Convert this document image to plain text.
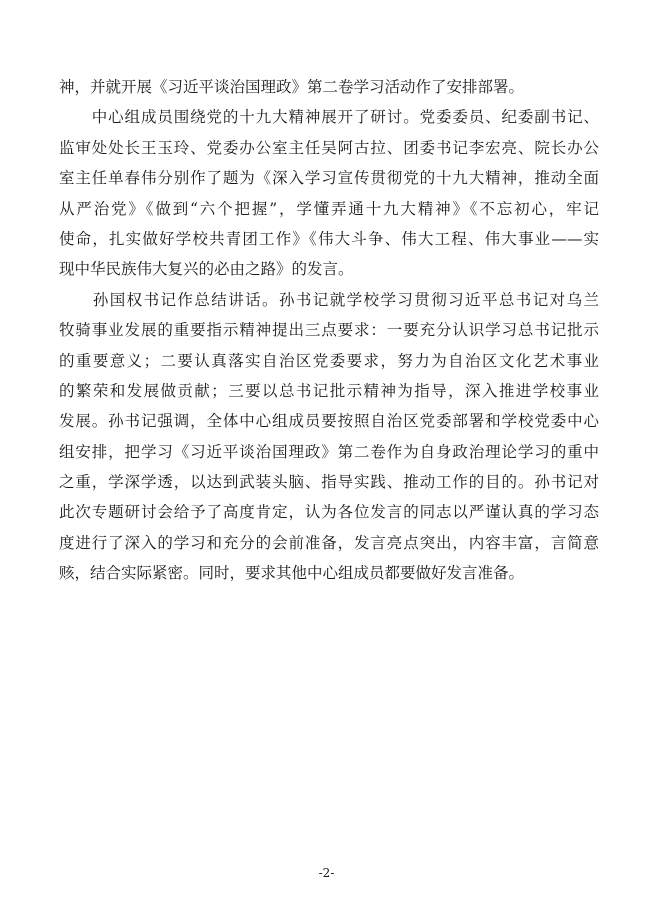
神，并就开展《习近平谈治国理政》第二卷学习活动作了安排部署。
　　中心组成员围绕党的十九大精神展开了研讨。党委委员、纪委副书记、
监审处处长王玉玲、党委办公室主任吴阿古拉、团委书记李宏亮、院长办公
室主任单春伟分别作了题为《深入学习宣传贯彻党的十九大精神，推动全面
从严治党》《做到“六个把握”，学懂弄通十九大精神》《不忘初心，牢记
使命，扎实做好学校共青团工作》《伟大斗争、伟大工程、伟大事业——实
现中华民族伟大复兴的必由之路》的发言。
　　孙国权书记作总结讲话。孙书记就学校学习贯彻习近平总书记对乌兰
牧骑事业发展的重要指示精神提出三点要求：一要充分认识学习总书记批示
的重要意义；二要认真落实自治区党委要求，努力为自治区文化艺术事业
的繁荣和发展做贡献；三要以总书记批示精神为指导，深入推进学校事业
发展。孙书记强调，全体中心组成员要按照自治区党委部署和学校党委中心
组安排，把学习《习近平谈治国理政》第二卷作为自身政治理论学习的重中
之重，学深学透，以达到武装头脑、指导实践、推动工作的目的。孙书记对
此次专题研讨会给予了高度肯定，认为各位发言的同志以严谨认真的学习态
度进行了深入的学习和充分的会前准备，发言亮点突出，内容丰富，言简意
赅，结合实际紧密。同时，要求其他中心组成员都要做好发言准备。
-2-
